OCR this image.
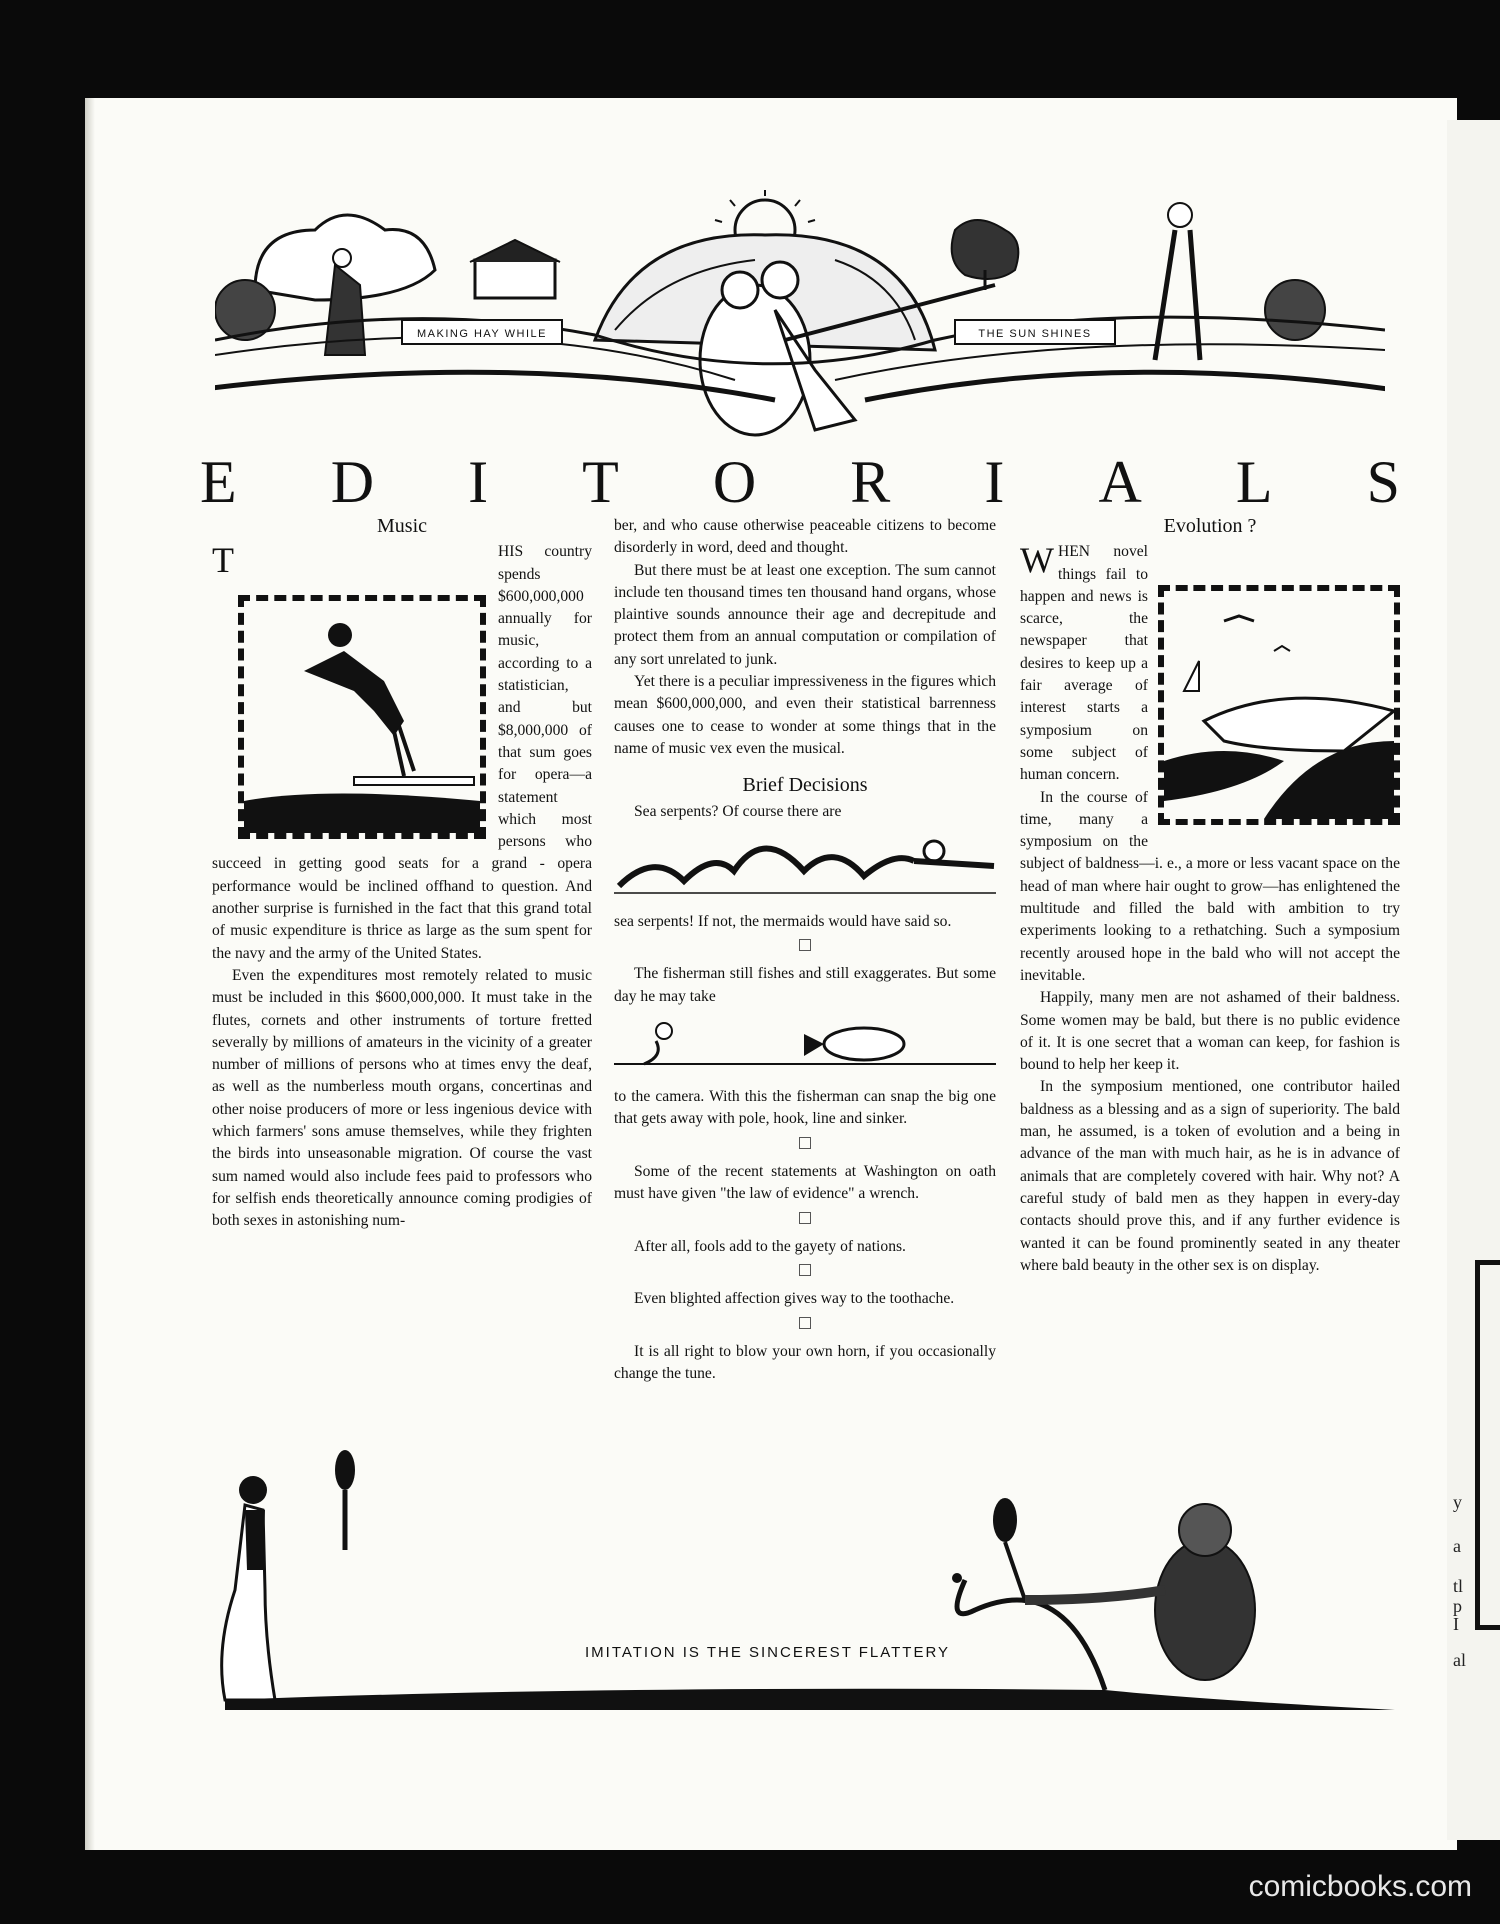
y
a
tl
p
I
al
MAKING HAY WHILE	THE SUN SHINES
E D I T O R I A L S
Music

T	HIS country spends $600,000,000 annually for music, according to a statistician, and but $8,000,000 of that sum goes for opera—a statement which most persons who succeed in getting good seats for a grand - opera performance would be inclined offhand to question. And another surprise is furnished in the fact that this grand total of music expenditure is thrice as large as the sum spent for the navy and the army of the United States.

Even the expenditures most remotely related to music must be included in this $600,000,000. It must take in the flutes, cornets and other instruments of torture fretted severally by millions of amateurs in the vicinity of a greater number of millions of persons who at times envy the deaf, as well as the numberless mouth organs, concertinas and other noise producers of more or less ingenious device with which farmers' sons amuse themselves, while they frighten the birds into unseasonable migration. Of course the vast sum named would also include fees paid to professors who for selfish ends theoretically announce coming prodigies of both sexes in astonishing num-

ber, and who cause otherwise peaceable citizens to become disorderly in word, deed and thought.

But there must be at least one exception. The sum cannot include ten thousand times ten thousand hand organs, whose plaintive sounds announce their age and decrepitude and protect them from an annual computation or compilation of any sort unrelated to junk.

Yet there is a peculiar impressiveness in the figures which mean $600,000,000, and even their statistical barrenness causes one to cease to wonder at some things that in the name of music vex even the musical.

Brief Decisions

Sea serpents? Of course there are

sea serpents! If not, the mermaids would have said so.

The fisherman still fishes and still exaggerates. But some day he may take

to the camera. With this the fisherman can snap the big one that gets away with pole, hook, line and sinker.

Some of the recent statements at Washington on oath must have given "the law of evidence" a wrench.

After all, fools add to the gayety of nations.

Even blighted affection gives way to the toothache.

It is all right to blow your own horn, if you occasionally change the tune.

Evolution ?

W HEN novel things fail to happen and news is scarce, the newspaper that desires to keep up a fair average of interest starts a symposium on some subject of human concern.

In the course of time, many a symposium on the subject of baldness—i. e., a more or less vacant space on the head of man where hair ought to grow—has enlightened the multitude and filled the bald with ambition to try experiments looking to a rethatching. Such a symposium recently aroused hope in the bald who will not accept the inevitable.

Happily, many men are not ashamed of their baldness. Some women may be bald, but there is no public evidence of it. It is one secret that a woman can keep, for fashion is bound to help her keep it.

In the symposium mentioned, one contributor hailed baldness as a blessing and as a sign of superiority. The bald man, he assumed, is a token of evolution and a being in advance of the man with much hair, as he is in advance of animals that are completely covered with hair. Why not? A careful study of bald men as they happen in every-day contacts should prove this, and if any further evidence is wanted it can be found prominently seated in any theater where bald beauty in the other sex is on display.

IMITATION IS THE SINCEREST FLATTERY
comicbooks.com
